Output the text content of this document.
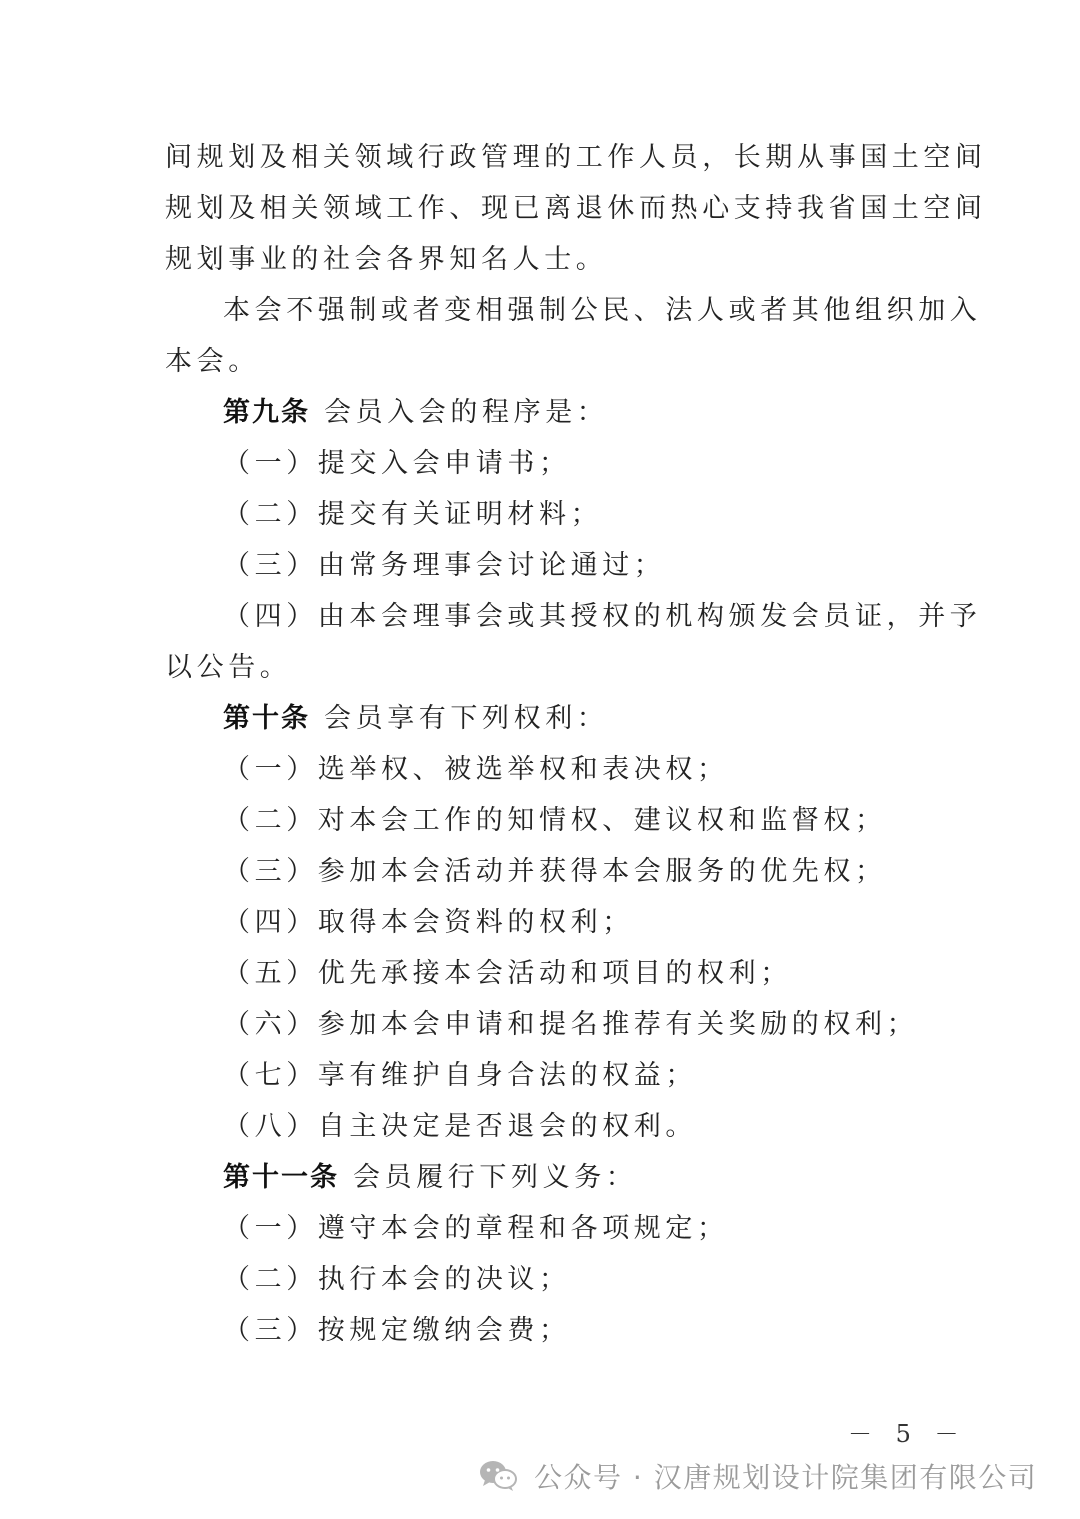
间规划及相关领域行政管理的工作人员，长期从事国土空间
规划及相关领域工作、现已离退休而热心支持我省国土空间
规划事业的社会各界知名人士。
本会不强制或者变相强制公民、法人或者其他组织加入
本会。
第九条 会员入会的程序是：
（一）提交入会申请书；
（二）提交有关证明材料；
（三）由常务理事会讨论通过；
（四）由本会理事会或其授权的机构颁发会员证，并予
以公告。
第十条 会员享有下列权利：
（一）选举权、被选举权和表决权；
（二）对本会工作的知情权、建议权和监督权；
（三）参加本会活动并获得本会服务的优先权；
（四）取得本会资料的权利；
（五）优先承接本会活动和项目的权利；
（六）参加本会申请和提名推荐有关奖励的权利；
（七）享有维护自身合法的权益；
（八）自主决定是否退会的权利。
第十一条 会员履行下列义务：
（一）遵守本会的章程和各项规定；
（二）执行本会的决议；
（三）按规定缴纳会费；
－ 5 －
公众号 · 汉唐规划设计院集团有限公司
